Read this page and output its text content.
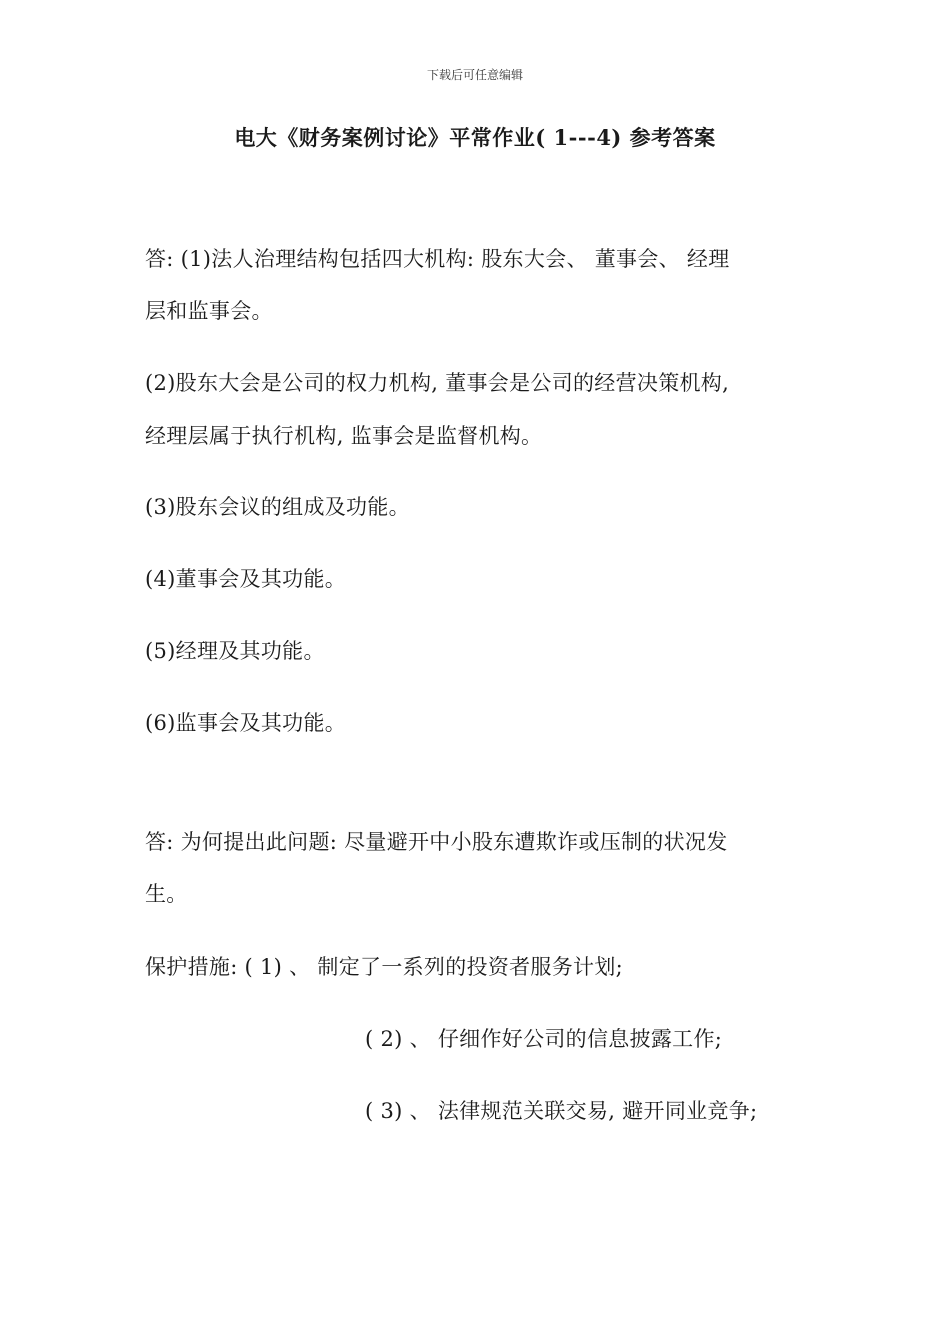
下载后可任意编辑
电大《财务案例讨论》平常作业( 1---4) 参考答案
答: (1)法人治理结构包括四大机构: 股东大会、 董事会、 经理
层和监事会。
(2)股东大会是公司的权力机构, 董事会是公司的经营决策机构,
经理层属于执行机构, 监事会是监督机构。
(3)股东会议的组成及功能。
(4)董事会及其功能。
(5)经理及其功能。
(6)监事会及其功能。
答: 为何提出此问题: 尽量避开中小股东遭欺诈或压制的状况发
生。
保护措施: ( 1) 、 制定了一系列的投资者服务计划;
( 2) 、 仔细作好公司的信息披露工作;
( 3) 、 法律规范关联交易, 避开同业竞争;
